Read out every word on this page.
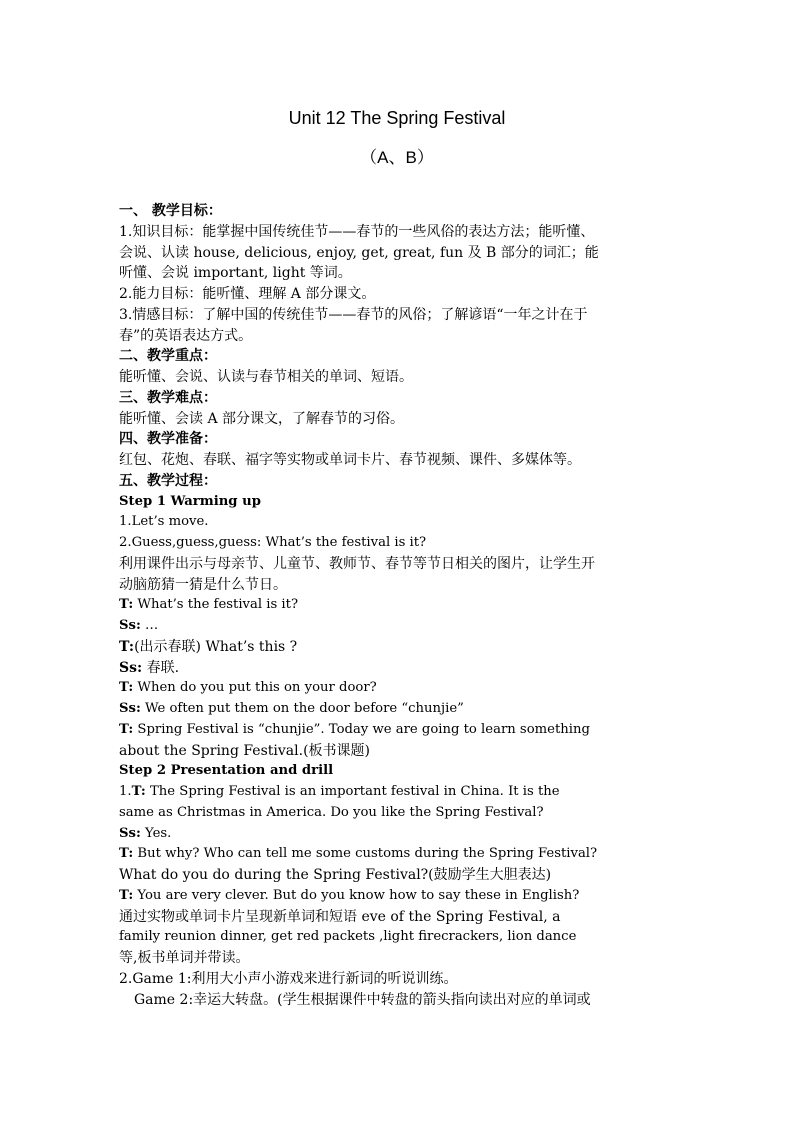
Unit 12 The Spring Festival
（A、B）
一、 教学目标：
1.知识目标：能掌握中国传统佳节——春节的一些风俗的表达方法；能听懂、
会说、认读 house, delicious, enjoy, get, great, fun 及 B 部分的词汇；能
听懂、会说 important, light 等词。
2.能力目标：能听懂、理解 A 部分课文。
3.情感目标：了解中国的传统佳节——春节的风俗；了解谚语“一年之计在于
春”的英语表达方式。
二、教学重点：
能听懂、会说、认读与春节相关的单词、短语。
三、教学难点：
能听懂、会读 A 部分课文，了解春节的习俗。
四、教学准备：
红包、花炮、春联、福字等实物或单词卡片、春节视频、课件、多媒体等。
五、教学过程：
Step 1 Warming up
1.Let’s move.
2.Guess,guess,guess: What’s the festival is it?
利用课件出示与母亲节、儿童节、教师节、春节等节日相关的图片，让学生开
动脑筋猜一猜是什么节日。
T: What’s the festival is it?
Ss: …
T:(出示春联) What’s this ?
Ss: 春联.
T: When do you put this on your door?
Ss: We often put them on the door before “chunjie”
T: Spring Festival is “chunjie”. Today we are going to learn something
about the Spring Festival.(板书课题)
Step 2 Presentation and drill
1.T: The Spring Festival is an important festival in China. It is the
same as Christmas in America. Do you like the Spring Festival?
Ss: Yes.
T: But why? Who can tell me some customs during the Spring Festival?
What do you do during the Spring Festival?(鼓励学生大胆表达)
T: You are very clever. But do you know how to say these in English?
通过实物或单词卡片呈现新单词和短语 eve of the Spring Festival, a
family reunion dinner, get red packets ,light firecrackers, lion dance
等,板书单词并带读。
2.Game 1:利用大小声小游戏来进行新词的听说训练。
Game 2:幸运大转盘。(学生根据课件中转盘的箭头指向读出对应的单词或
